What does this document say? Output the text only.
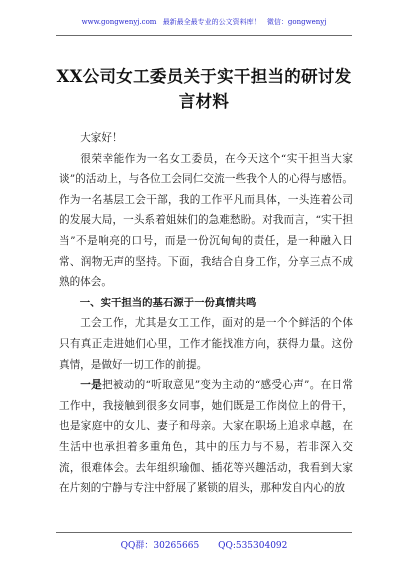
www.gongwenyj.com 最新最全最专业的公文资料库！ 微信：gongwenyj
XX公司女工委员关于实干担当的研讨发言材料

大家好！

很荣幸能作为一名女工委员，在今天这个“实干担当大家谈”的活动上，与各位工会同仁交流一些我个人的心得与感悟。作为一名基层工会干部，我的工作平凡而具体，一头连着公司的发展大局，一头系着姐妹们的急难愁盼。对我而言，“实干担当”不是响亮的口号，而是一份沉甸甸的责任，是一种融入日常、润物无声的坚持。下面，我结合自身工作，分享三点不成熟的体会。

一、实干担当的基石源于一份真情共鸣

工会工作，尤其是女工工作，面对的是一个个鲜活的个体只有真正走进她们心里，工作才能找准方向，获得力量。这份真情，是做好一切工作的前提。

一是把被动的“听取意见”变为主动的“感受心声”。在日常工作中，我接触到很多女同事，她们既是工作岗位上的骨干，也是家庭中的女儿、妻子和母亲。大家在职场上追求卓越，在生活中也承担着多重角色，其中的压力与不易，若非深入交流，很难体会。去年组织瑜伽、插花等兴趣活动，我看到大家在片刻的宁静与专注中舒展了紧锁的眉头，那种发自内心的放

QQ群：30265665 QQ:535304092
